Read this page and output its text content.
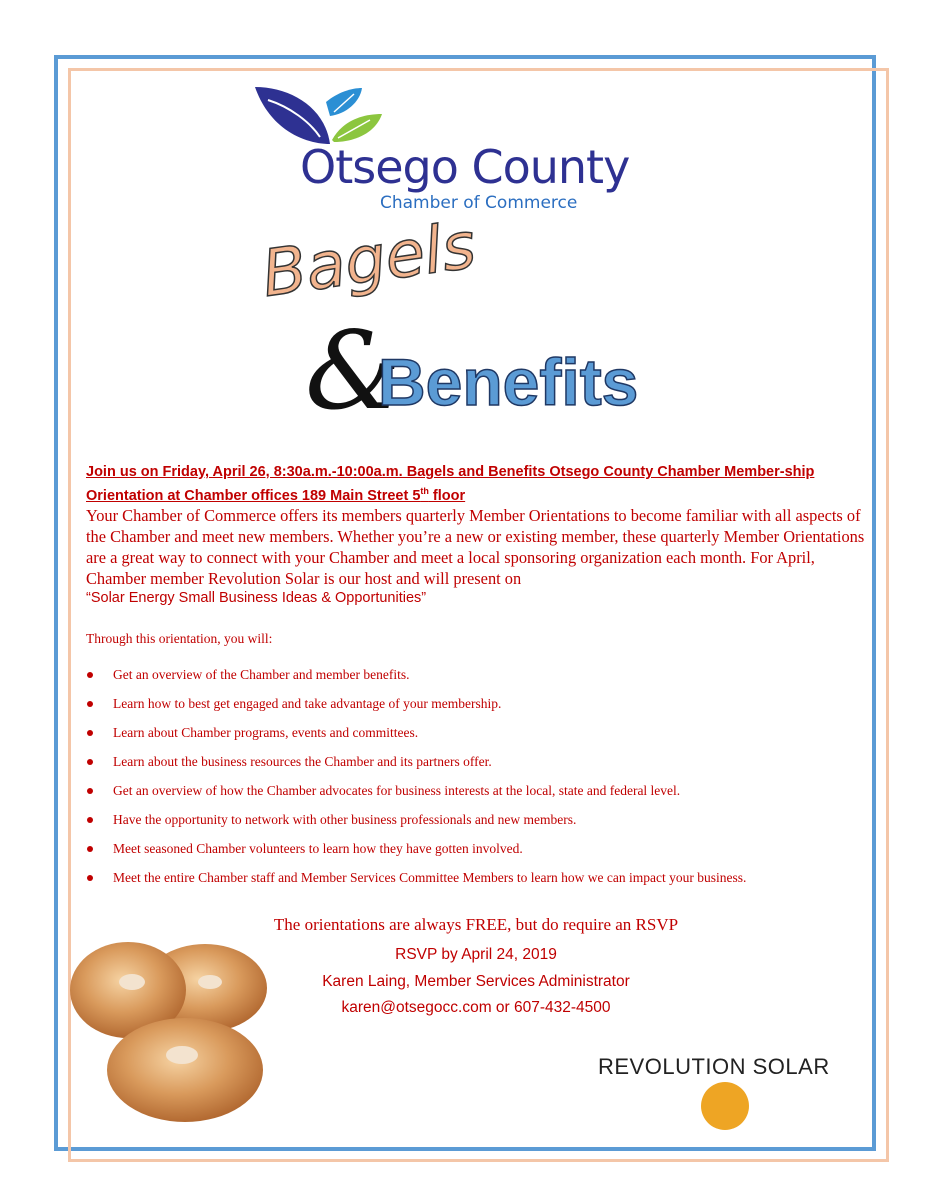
Otsego County
Chamber of Commerce
Bagels
&
Benefits
Join us on Friday, April 26, 8:30a.m.-10:00a.m. Bagels and Benefits Otsego County Chamber Member-ship Orientation at Chamber offices 189 Main Street 5th floor
Your Chamber of Commerce offers its members quarterly Member Orientations to become familiar with all aspects of the Chamber and meet new members. Whether you’re a new or existing member, these quarterly Member Orientations are a great way to connect with your Chamber and meet a local sponsoring organization each month. For April, Chamber member Revolution Solar is our host and will present on
“Solar Energy Small Business Ideas & Opportunities”
Through this orientation, you will:
Get an overview of the Chamber and member benefits.
Learn how to best get engaged and take advantage of your membership.
Learn about Chamber programs, events and committees.
Learn about the business resources the Chamber and its partners offer.
Get an overview of how the Chamber advocates for business interests at the local, state and federal level.
Have the opportunity to network with other business professionals and new members.
Meet seasoned Chamber volunteers to learn how they have gotten involved.
Meet the entire Chamber staff and Member Services Committee Members to learn how we can impact your business.
The orientations are always FREE, but do require an RSVP
RSVP by April 24, 2019
Karen Laing, Member Services Administrator
karen@otsegocc.com or 607-432-4500
REVOLUTION SOLAR
